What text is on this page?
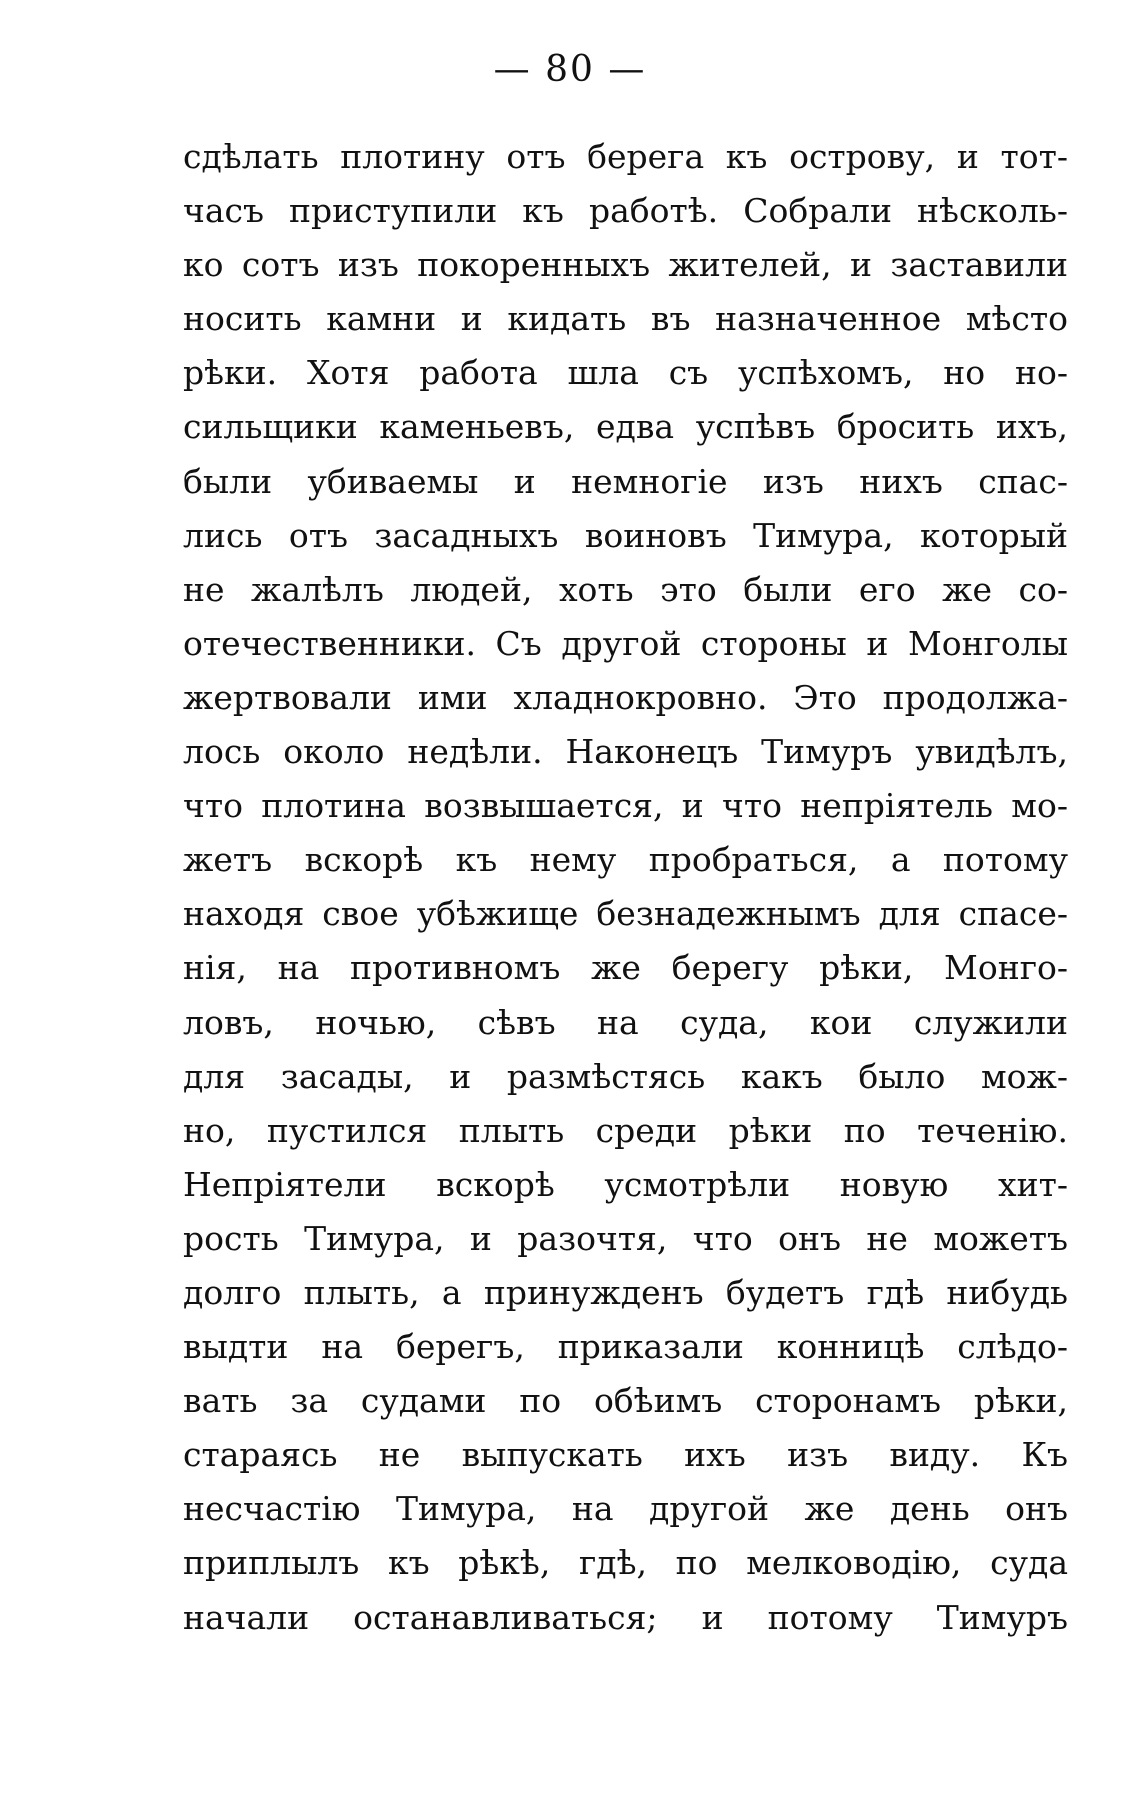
— 80 —
сдѣлать плотину отъ берега къ острову, и тот-
часъ приступили къ работѣ. Собрали нѣсколь-
ко сотъ изъ покоренныхъ жителей, и заставили
носить камни и кидать въ назначенное мѣсто
рѣки. Хотя работа шла съ успѣхомъ, но но-
сильщики каменьевъ, едва успѣвъ бросить ихъ,
были убиваемы и немногіе изъ нихъ спас-
лись отъ засадныхъ воиновъ Тимура, который
не жалѣлъ людей, хоть это были его же со-
отечественники. Съ другой стороны и Монголы
жертвовали ими хладнокровно. Это продолжа-
лось около недѣли. Наконецъ Тимуръ увидѣлъ,
что плотина возвышается, и что непріятель мо-
жетъ вскорѣ къ нему пробраться, а потому
находя свое убѣжище безнадежнымъ для спасе-
нія, на противномъ же берегу рѣки, Монго-
ловъ, ночью, сѣвъ на суда, кои служили
для засады, и размѣстясь какъ было мож-
но, пустился плыть среди рѣки по теченію.
Непріятели вскорѣ усмотрѣли новую хит-
рость Тимура, и разочтя, что онъ не можетъ
долго плыть, а принужденъ будетъ гдѣ нибудь
выдти на берегъ, приказали конницѣ слѣдо-
вать за судами по обѣимъ сторонамъ рѣки,
стараясь не выпускать ихъ изъ виду. Къ
несчастію Тимура, на другой же день онъ
приплылъ къ рѣкѣ, гдѣ, по мелководію, суда
начали останавливаться; и потому Тимуръ
